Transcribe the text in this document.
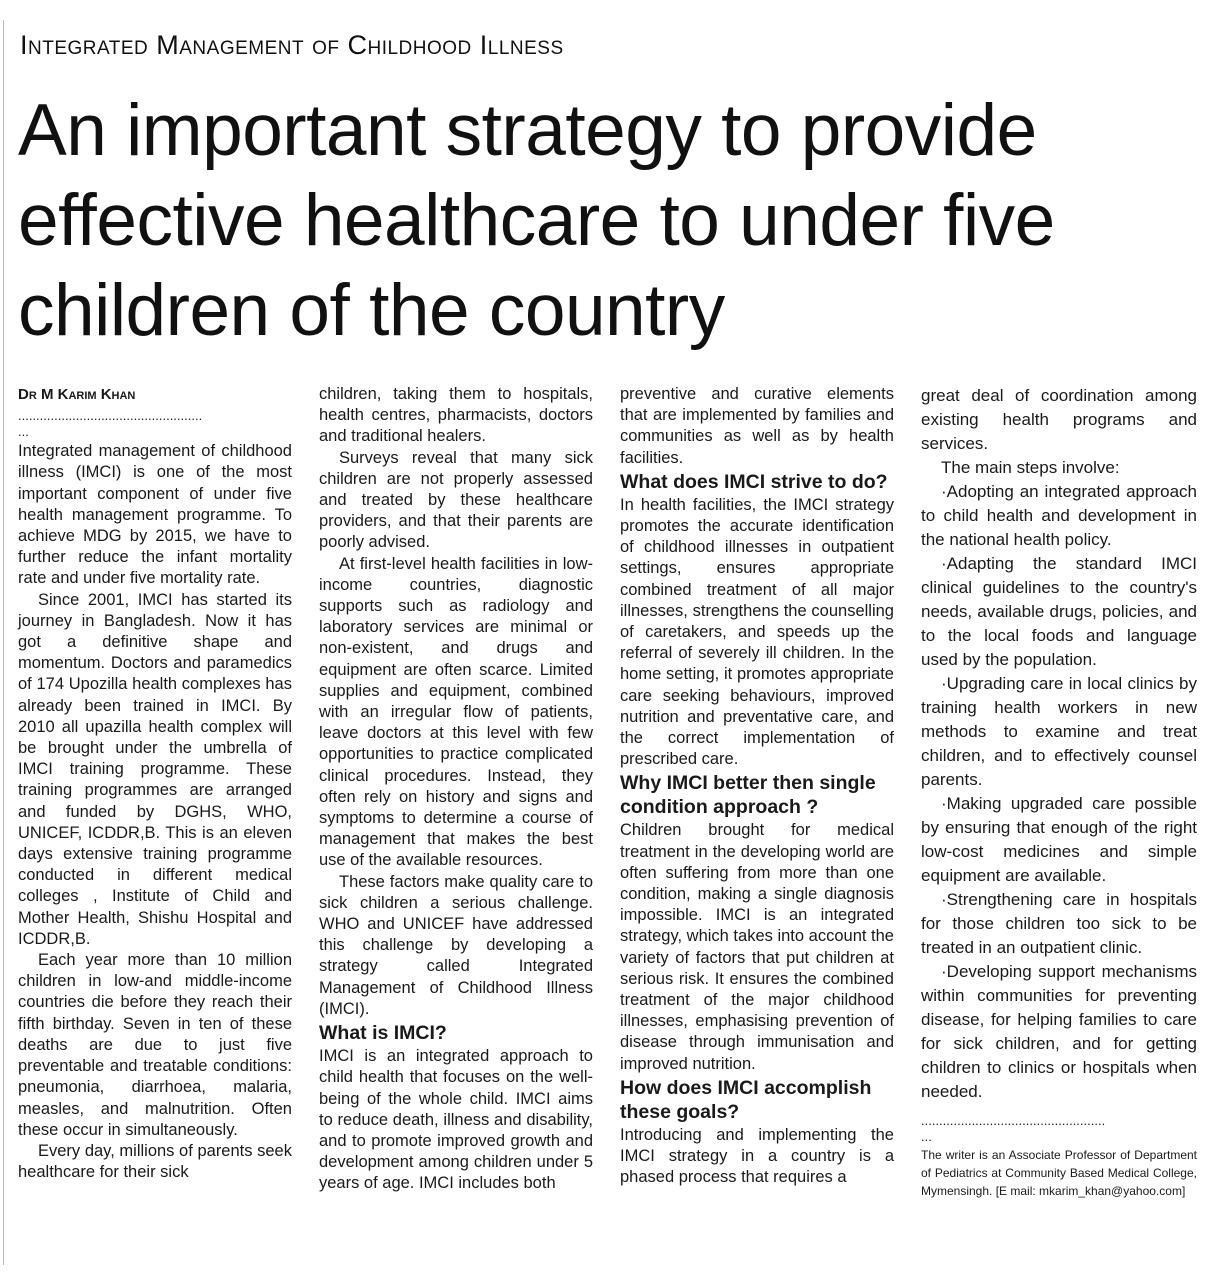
Integrated Management of Childhood Illness
An important strategy to provide
effective healthcare to under five
children of the country
Dr M Karim Khan
...................................................
...

Integrated management of childhood illness (IMCI) is one of the most important component of under five health management programme. To achieve MDG by 2015, we have to further reduce the infant mortality rate and under five mortality rate.

Since 2001, IMCI has started its journey in Bangladesh. Now it has got a definitive shape and momentum. Doctors and paramedics of 174 Upozilla health complexes has already been trained in IMCI. By 2010 all upazilla health complex will be brought under the umbrella of IMCI training programme. These training programmes are arranged and funded by DGHS, WHO, UNICEF, ICDDR,B. This is an eleven days extensive training programme conducted in different medical colleges , Institute of Child and Mother Health, Shishu Hospital and ICDDR,B.

Each year more than 10 million children in low-and middle-income countries die before they reach their fifth birthday. Seven in ten of these deaths are due to just five preventable and treatable conditions: pneumonia, diarrhoea, malaria, measles, and malnutrition. Often these occur in simultaneously.

Every day, millions of parents seek healthcare for their sick

children, taking them to hospitals, health centres, pharmacists, doctors and traditional healers.

Surveys reveal that many sick children are not properly assessed and treated by these healthcare providers, and that their parents are poorly advised.

At first-level health facilities in low-income countries, diagnostic supports such as radiology and laboratory services are minimal or non-existent, and drugs and equipment are often scarce. Limited supplies and equipment, combined with an irregular flow of patients, leave doctors at this level with few opportunities to practice complicated clinical procedures. Instead, they often rely on history and signs and symptoms to determine a course of management that makes the best use of the available resources.

These factors make quality care to sick children a serious challenge. WHO and UNICEF have addressed this challenge by developing a strategy called Integrated Management of Childhood Illness (IMCI).

What is IMCI?

IMCI is an integrated approach to child health that focuses on the well-being of the whole child. IMCI aims to reduce death, illness and disability, and to promote improved growth and development among children under 5 years of age. IMCI includes both

preventive and curative elements that are implemented by families and communities as well as by health facilities.

What does IMCI strive to do?

In health facilities, the IMCI strategy promotes the accurate identification of childhood illnesses in outpatient settings, ensures appropriate combined treatment of all major illnesses, strengthens the counselling of caretakers, and speeds up the referral of severely ill children. In the home setting, it promotes appropriate care seeking behaviours, improved nutrition and preventative care, and the correct implementation of prescribed care.

Why IMCI better then single condition approach ?

Children brought for medical treatment in the developing world are often suffering from more than one condition, making a single diagnosis impossible. IMCI is an integrated strategy, which takes into account the variety of factors that put children at serious risk. It ensures the combined treatment of the major childhood illnesses, emphasising prevention of disease through immunisation and improved nutrition.

How does IMCI accomplish these goals?

Introducing and implementing the IMCI strategy in a country is a phased process that requires a

great deal of coordination among existing health programs and services.

The main steps involve:

·Adopting an integrated approach to child health and development in the national health policy.

·Adapting the standard IMCI clinical guidelines to the country's needs, available drugs, policies, and to the local foods and language used by the population.

·Upgrading care in local clinics by training health workers in new methods to examine and treat children, and to effectively counsel parents.

·Making upgraded care possible by ensuring that enough of the right low-cost medicines and simple equipment are available.

·Strengthening care in hospitals for those children too sick to be treated in an outpatient clinic.

·Developing support mechanisms within communities for preventing disease, for helping families to care for sick children, and for getting children to clinics or hospitals when needed.

...................................................
...
The writer is an Associate Professor of Department of Pediatrics at Community Based Medical College, Mymensingh. [E mail: mkarim_khan@yahoo.com]
